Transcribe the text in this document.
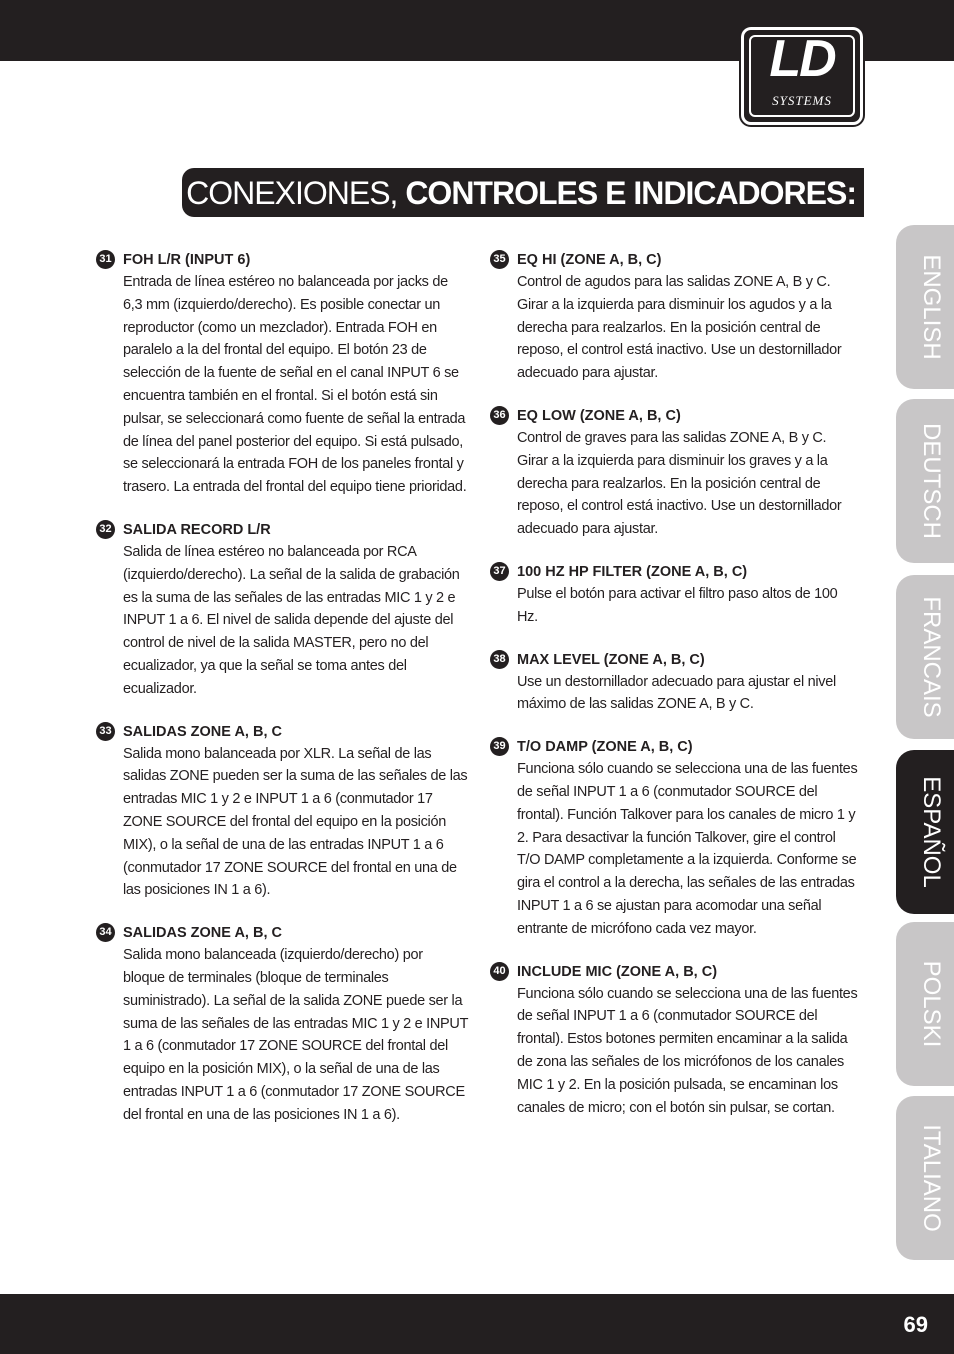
LD
SYSTEMS
CONEXIONES, CONTROLES E INDICADORES:
ENGLISH
DEUTSCH
FRANCAIS
ESPAÑOL
POLSKI
ITALIANO
31 FOH L/R (INPUT 6)
Entrada de línea estéreo no balanceada por jacks de 6,3 mm (izquierdo/derecho). Es posible conectar un reproductor (como un mezclador). Entrada FOH en paralelo a la del frontal del equipo. El botón 23 de selección de la fuente de señal en el canal INPUT 6 se encuentra también en el frontal. Si el botón está sin pulsar, se seleccionará como fuente de señal la entrada de línea del panel posterior del equipo. Si está pulsado, se seleccionará la entrada FOH de los paneles frontal y trasero. La entrada del frontal del equipo tiene prioridad.
32 SALIDA RECORD L/R
Salida de línea estéreo no balanceada por RCA (izquierdo/derecho). La señal de la salida de grabación es la suma de las señales de las entradas MIC 1 y 2 e INPUT 1 a 6. El nivel de salida depende del ajuste del control de nivel de la salida MASTER, pero no del ecualizador, ya que la señal se toma antes del ecualizador.
33 SALIDAS ZONE A, B, C
Salida mono balanceada por XLR. La señal de las salidas ZONE pueden ser la suma de las señales de las entradas MIC 1 y 2 e INPUT 1 a 6 (conmutador 17 ZONE SOURCE del frontal del equipo en la posición MIX), o la señal de una de las entradas INPUT 1 a 6 (conmutador 17 ZONE SOURCE del frontal en una de las posiciones IN 1 a 6).
34 SALIDAS ZONE A, B, C
Salida mono balanceada (izquierdo/derecho) por bloque de terminales (bloque de terminales suministrado). La señal de la salida ZONE puede ser la suma de las señales de las entradas MIC 1 y 2 e INPUT 1 a 6 (conmutador 17 ZONE SOURCE del frontal del equipo en la posición MIX), o la señal de una de las entradas INPUT 1 a 6 (conmutador 17 ZONE SOURCE del frontal en una de las posiciones IN 1 a 6).
35 EQ HI (ZONE A, B, C)
Control de agudos para las salidas ZONE A, B y C. Girar a la izquierda para disminuir los agudos y a la derecha para realzarlos. En la posición central de reposo, el control está inactivo. Use un destornillador adecuado para ajustar.
36 EQ LOW (ZONE A, B, C)
Control de graves para las salidas ZONE A, B y C. Girar a la izquierda para disminuir los graves y a la derecha para realzarlos. En la posición central de reposo, el control está inactivo. Use un destornillador adecuado para ajustar.
37 100 HZ HP FILTER (ZONE A, B, C)
Pulse el botón para activar el filtro paso altos de 100 Hz.
38 MAX LEVEL (ZONE A, B, C)
Use un destornillador adecuado para ajustar el nivel máximo de las salidas ZONE A, B y C.
39 T/O DAMP (ZONE A, B, C)
Funciona sólo cuando se selecciona una de las fuentes de señal INPUT 1 a 6 (conmutador SOURCE del frontal). Función Talkover para los canales de micro 1 y 2. Para desactivar la función Talkover, gire el control T/O DAMP completamente a la izquierda. Conforme se gira el control a la derecha, las señales de las entradas INPUT 1 a 6 se ajustan para acomodar una señal entrante de micrófono cada vez mayor.
40 INCLUDE MIC (ZONE A, B, C)
Funciona sólo cuando se selecciona una de las fuentes de señal INPUT 1 a 6 (conmutador SOURCE del frontal). Estos botones permiten encaminar a la salida de zona las señales de los micrófonos de los canales MIC 1 y 2. En la posición pulsada, se encaminan los canales de micro; con el botón sin pulsar, se cortan.
69
